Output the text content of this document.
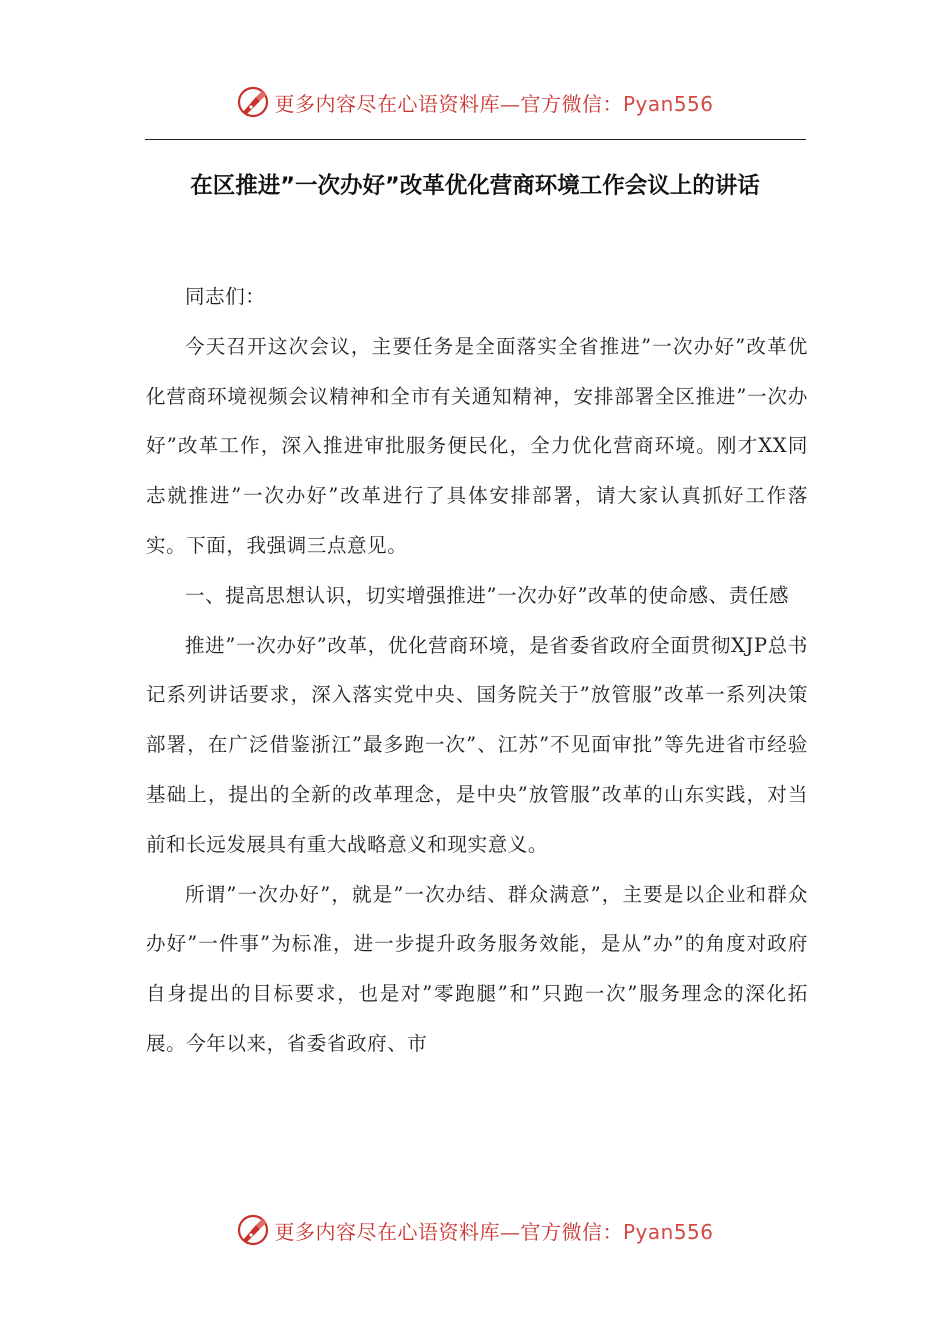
更多内容尽在心语资料库—官方微信：Pyan556
在区推进”一次办好”改革优化营商环境工作会议上的讲话

同志们：

今天召开这次会议，主要任务是全面落实全省推进”一次办好”改革优化营商环境视频会议精神和全市有关通知精神，安排部署全区推进”一次办好”改革工作，深入推进审批服务便民化，全力优化营商环境。刚才XX同志就推进”一次办好”改革进行了具体安排部署，请大家认真抓好工作落实。下面，我强调三点意见。

一、提高思想认识，切实增强推进”一次办好”改革的使命感、责任感

推进”一次办好”改革，优化营商环境，是省委省政府全面贯彻XJP总书记系列讲话要求，深入落实党中央、国务院关于”放管服”改革一系列决策部署，在广泛借鉴浙江”最多跑一次”、江苏”不见面审批”等先进省市经验基础上，提出的全新的改革理念，是中央”放管服”改革的山东实践，对当前和长远发展具有重大战略意义和现实意义。

所谓”一次办好”，就是”一次办结、群众满意”，主要是以企业和群众办好”一件事”为标准，进一步提升政务服务效能，是从”办”的角度对政府自身提出的目标要求，也是对”零跑腿”和”只跑一次”服务理念的深化拓展。今年以来，省委省政府、市

更多内容尽在心语资料库—官方微信：Pyan556
